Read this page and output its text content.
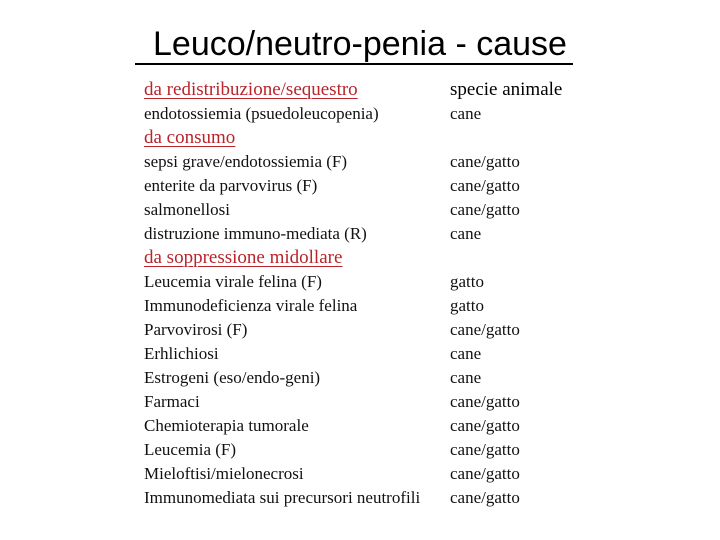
Leuco/neutro-penia - cause
da redistribuzione/sequestro	specie animale
endotossiemia (psuedoleucopenia)	cane
da consumo
sepsi grave/endotossiemia (F)	cane/gatto
enterite da parvovirus (F)	cane/gatto
salmonellosi	cane/gatto
distruzione immuno-mediata (R)	cane
da soppressione midollare
Leucemia virale felina (F)	gatto
Immunodeficienza virale felina	gatto
Parvovirosi (F)	cane/gatto
Erhlichiosi	cane
Estrogeni (eso/endo-geni)	cane
Farmaci	cane/gatto
Chemioterapia tumorale	cane/gatto
Leucemia (F)	cane/gatto
Mieloftisi/mielonecrosi	cane/gatto
Immunomediata sui precursori neutrofili	cane/gatto
